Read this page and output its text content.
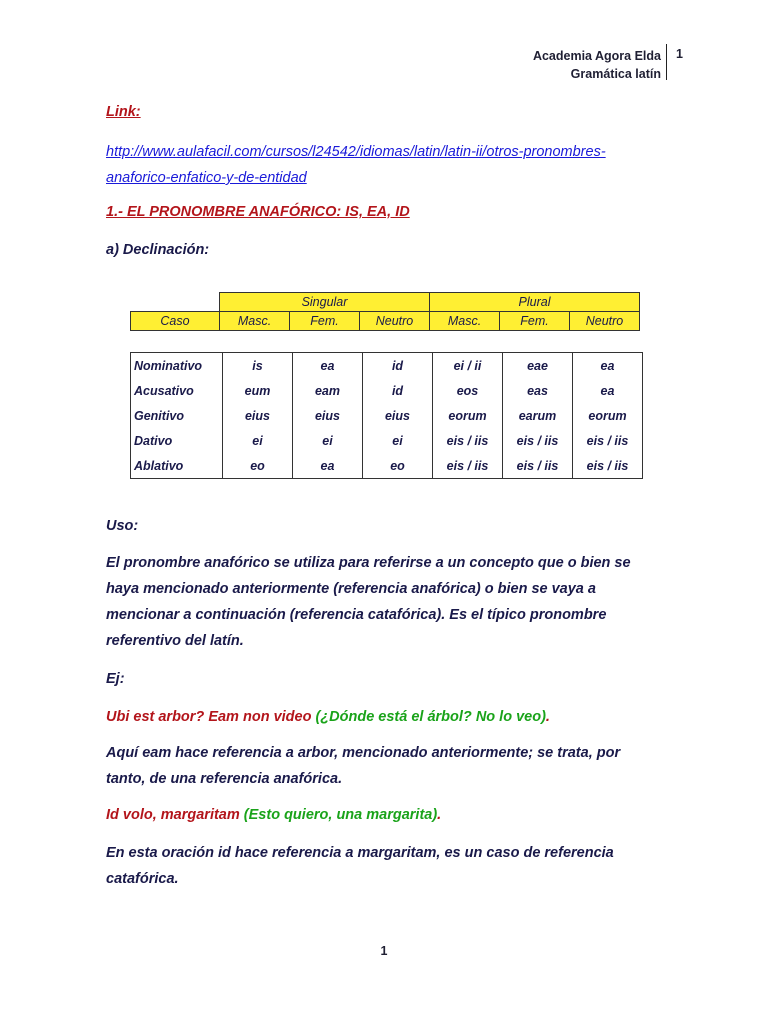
Academia Agora Elda
Gramática latín
1
Link:
http://www.aulafacil.com/cursos/l24542/idiomas/latin/latin-ii/otros-pronombres-anaforico-enfatico-y-de-entidad
1.- EL PRONOMBRE ANAFÓRICO: IS, EA, ID
a) Declinación:
	Singular			Plural		
Caso	Masc.	Fem.	Neutro	Masc.	Fem.	Neutro
Nominativo	is	ea	id	ei / ii	eae	ea
Acusativo	eum	eam	id	eos	eas	ea
Genitivo	eius	eius	eius	eorum	earum	eorum
Dativo	ei	ei	ei	eis / iis	eis / iis	eis / iis
Ablativo	eo	ea	eo	eis / iis	eis / iis	eis / iis
Uso:
El pronombre anafórico se utiliza para referirse a un concepto que o bien se haya mencionado anteriormente (referencia anafórica) o bien se vaya a mencionar a continuación (referencia catafórica). Es el típico pronombre referentivo del latín.
Ej:
Ubi est arbor? Eam non video (¿Dónde está el árbol? No lo veo).
Aquí eam hace referencia a arbor, mencionado anteriormente; se trata, por tanto, de una referencia anafórica.
Id volo, margaritam (Esto quiero, una margarita).
En esta oración id hace referencia a margaritam, es un caso de referencia catafórica.
1
